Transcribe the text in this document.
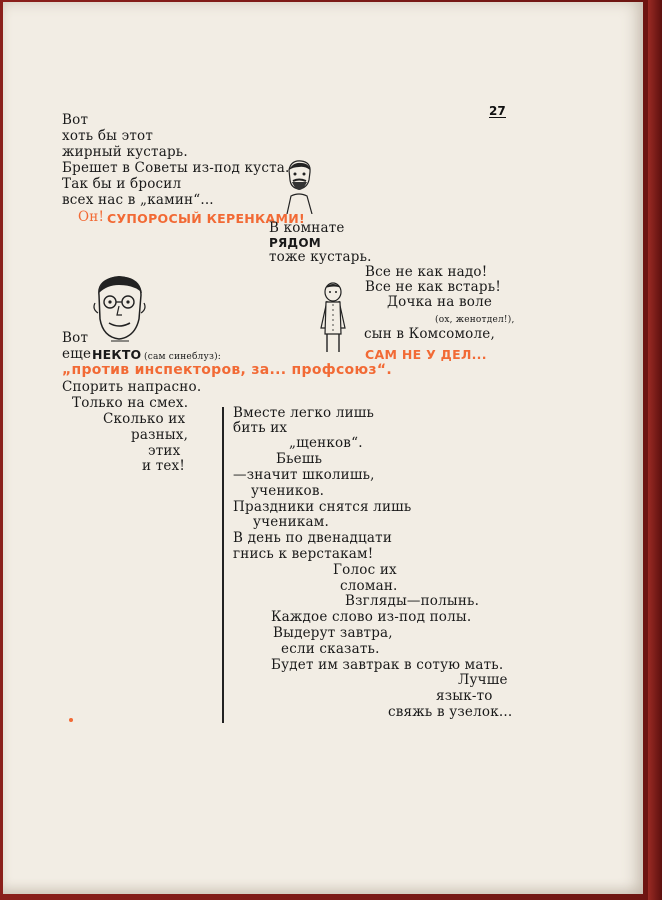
27
Вот
хоть бы этот
жирный кустарь.
Брешет в Советы из-под куста.
Так бы и бросил
всех нас в „камин“...
Он! СУПОРОСЫЙ КЕРЕНКАМИ!
В комнате
РЯДОМ
тоже кустарь.
Все не как надо!
Все не как встарь!
Дочка на воле
(ох, женотдел!),
сын в Комсомоле,
САМ НЕ У ДЕЛ...
Вот
еще НЕКТО (сам синеблуз):
„против инспекторов, за... профсоюз“.
Спорить напрасно.
Только на смех.
Сколько их
разных,
этих
и тех!
Вместе легко лишь
бить их
„щенков“.
Бьешь
—значит школишь,
учеников.
Праздники снятся лишь
ученикам.
В день по двенадцати
гнись к верстакам!
Голос их
сломан.
Взгляды—полынь.
Каждое слово из-под полы.
Выдерут завтра,
если сказать.
Будет им завтрак в сотую мать.
Лучше
язык-то
свяжь в узелок...
